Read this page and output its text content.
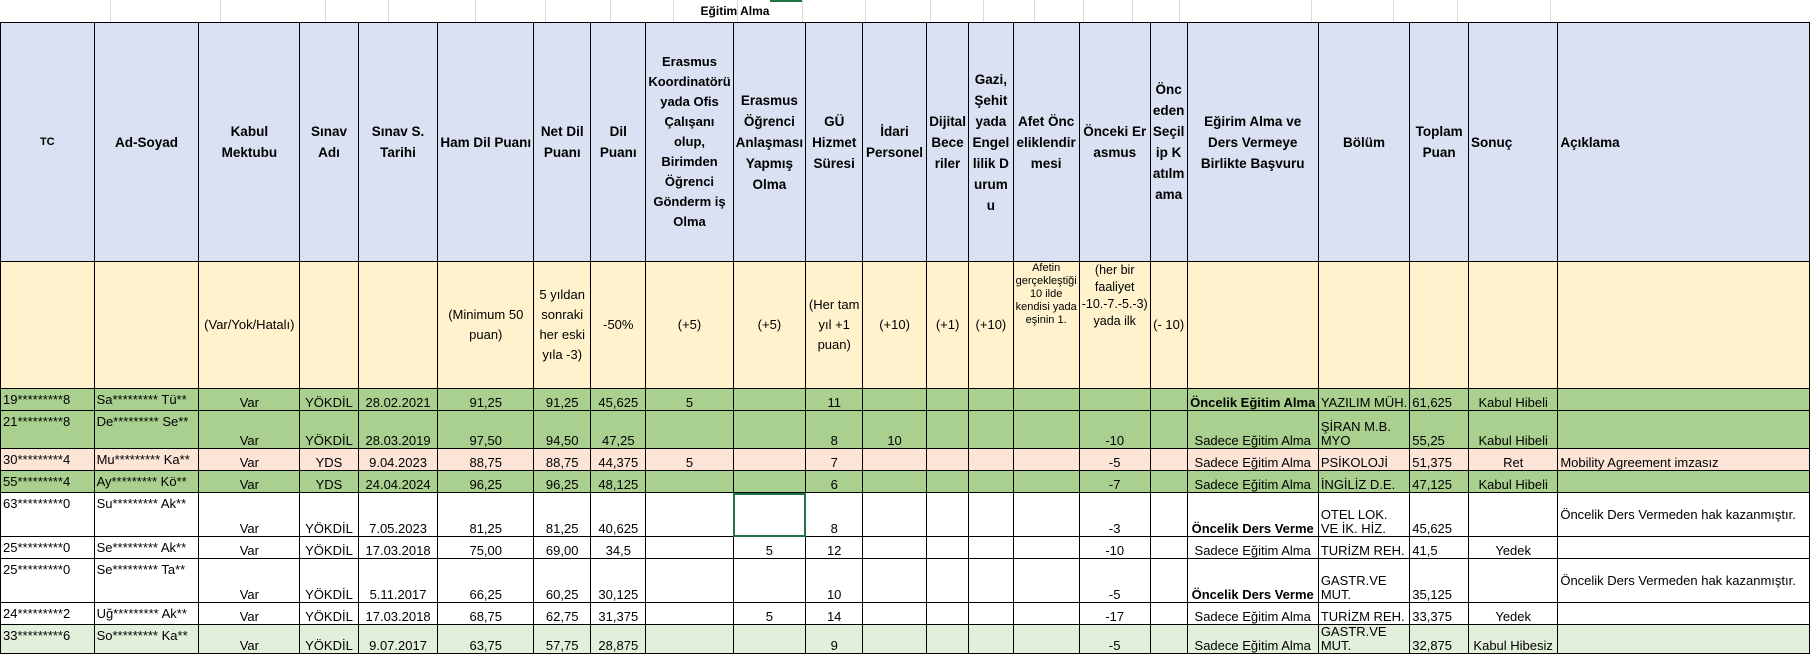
Eğitim Alma
TC	Ad-Soyad	Kabul Mektubu	Sınav Adı	Sınav S. Tarihi	Ham Dil Puanı	Net Dil Puanı	Dil Puanı	Erasmus Koordinatörü yada Ofis Çalışanı olup, Birimden Öğrenci Gönderm iş Olma	Erasmus Öğrenci Anlaşması Yapmış Olma	GÜ Hizmet Süresi	İdari Personel	Dijital Beceriler	Gazi, Şehit yada Engellilik Durumu	Afet Önceliklendirmesi	Önceki Erasmus	Önceden Seçilip Katılmama	Eğirim Alma ve Ders Vermeye Birlikte Başvuru	Bölüm	Toplam Puan	Sonuç	Açıklama
		(Var/Yok/Hatalı)			(Minimum 50 puan)	5 yıldan sonraki her eski yıla -3)	-50%	(+5)	(+5)	(Her tam yıl +1 puan)	(+10)	(+1)	(+10)	Afetin gerçekleştiği 10 ilde kendisi yada eşinin 1.	(her bir faaliyet -10.-7.-5.-3) yada ilk	(- 10)					
19*********8	Sa********* Tü**	Var	YÖKDİL	28.02.2021	91,25	91,25	45,625	5		11							Öncelik Eğitim Alma	YAZILIM MÜH.	61,625	Kabul Hibeli	
21*********8	De********* Se**	Var	YÖKDİL	28.03.2019	97,50	94,50	47,25			8	10				-10		Sadece Eğitim Alma	ŞİRAN M.B. MYO	55,25	Kabul Hibeli	
30*********4	Mu********* Ka**	Var	YDS	9.04.2023	88,75	88,75	44,375	5		7					-5		Sadece Eğitim Alma	PSİKOLOJİ	51,375	Ret	Mobility Agreement imzasız
55*********4	Ay********* Kö**	Var	YDS	24.04.2024	96,25	96,25	48,125			6					-7		Sadece Eğitim Alma	İNGİLİZ D.E.	47,125	Kabul Hibeli	
63*********0	Su********* Ak**	Var	YÖKDİL	7.05.2023	81,25	81,25	40,625			8					-3		Öncelik Ders Verme	OTEL LOK. VE İK. HİZ.	45,625		Öncelik Ders Vermeden hak kazanmıştır.
25*********0	Se********* Ak**	Var	YÖKDİL	17.03.2018	75,00	69,00	34,5		5	12					-10		Sadece Eğitim Alma	TURİZM REH.	41,5	Yedek	
25*********0	Se********* Ta**	Var	YÖKDİL	5.11.2017	66,25	60,25	30,125			10					-5		Öncelik Ders Verme	GASTR.VE MUT.	35,125		Öncelik Ders Vermeden hak kazanmıştır.
24*********2	Uğ********* Ak**	Var	YÖKDİL	17.03.2018	68,75	62,75	31,375		5	14					-17		Sadece Eğitim Alma	TURİZM REH.	33,375	Yedek	
33*********6	So********* Ka**	Var	YÖKDİL	9.07.2017	63,75	57,75	28,875			9					-5		Sadece Eğitim Alma	GASTR.VE MUT.	32,875	Kabul Hibesiz	
